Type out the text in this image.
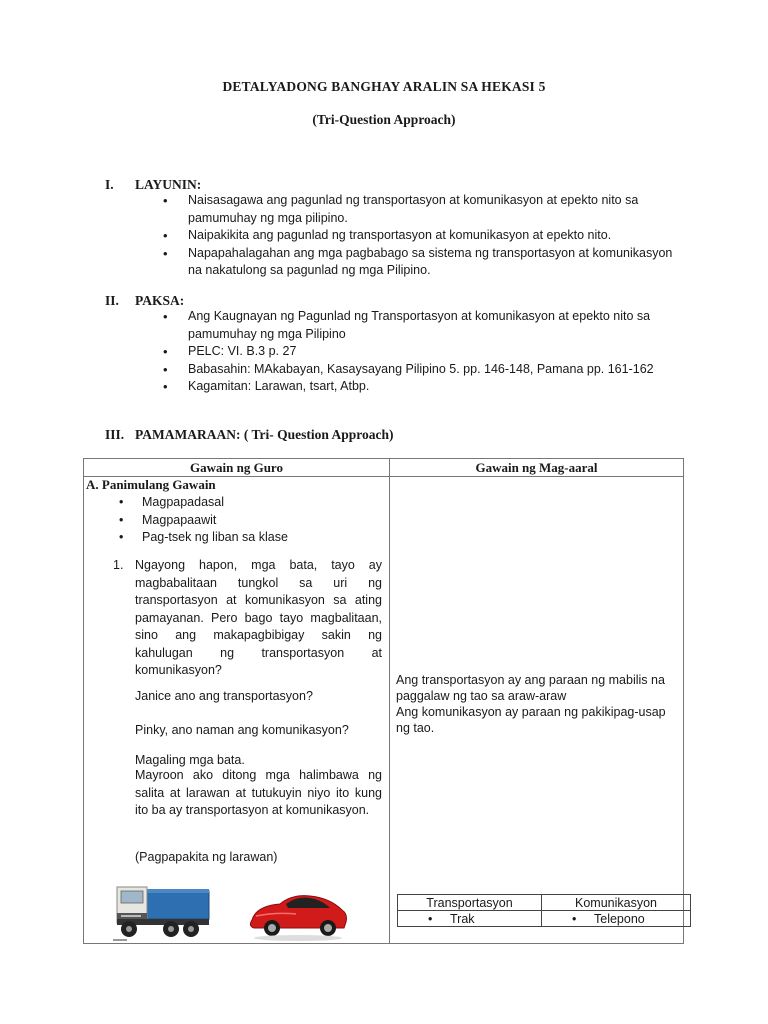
DETALYADONG BANGHAY ARALIN SA HEKASI 5
(Tri-Question Approach)
I. LAYUNIN:
• Naisasagawa ang pagunlad ng transportasyon at komunikasyon at epekto nito sa pamumuhay ng mga pilipino.
• Naipakikita ang pagunlad ng transportasyon at komunikasyon at epekto nito.
• Napapahalagahan ang mga pagbabago sa sistema ng transportasyon at komunikasyon na nakatulong sa pagunlad ng mga Pilipino.
II. PAKSA:
• Ang Kaugnayan ng Pagunlad ng Transportasyon at komunikasyon at epekto nito sa pamumuhay ng mga Pilipino
• PELC: VI. B.3 p. 27
• Babasahin: MAkabayan, Kasaysayang Pilipino 5. pp. 146-148, Pamana pp. 161-162
• Kagamitan: Larawan, tsart, Atbp.
III. PAMAMARAAN: ( Tri- Question Approach)
Gawain ng Guro	Gawain ng Mag-aaral
A. Panimulang Gawain
• Magpapadasal
• Magpapaawit
• Pag-tsek ng liban sa klase
1. Ngayong hapon, mga bata, tayo ay magbabalitaan tungkol sa uri ng transportasyon at komunikasyon sa ating pamayanan. Pero bago tayo magbalitaan, sino ang makapagbibigay sakin ng kahulugan ng transportasyon at komunikasyon?
Janice ano ang transportasyon?
Pinky, ano naman ang komunikasyon?
Magaling mga bata.
Mayroon ako ditong mga halimbawa ng salita at larawan at tutukuyin niyo ito kung ito ba ay transportasyon at komunikasyon.
(Pagpapakita ng larawan)
Ang transportasyon ay ang paraan ng mabilis na paggalaw ng tao sa araw-araw
Ang komunikasyon ay paraan ng pakikipag-usap ng tao.
Transportasyon	Komunikasyon
• Trak	• Telepono
